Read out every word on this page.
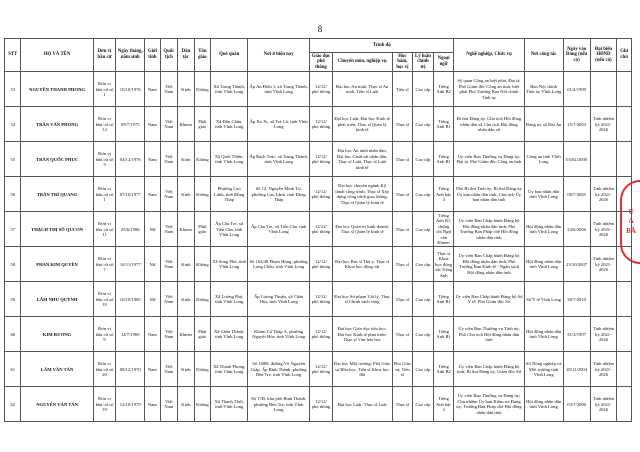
8
Ủ
A
BẦ
STT	HỌ VÀ TÊN	Đơn vị bầu cử	Ngày tháng, năm sinh	Giới tính	Quốc tịch	Dân tộc	Tôn giáo	Quê quán	Nơi ở hiện nay	Trình độ					Nghề nghiệp, Chức vụ	Nơi công tác	Ngày vào Đảng (nếu có)	Đại biểu HĐND (nếu có)	Ghi chú
										Giáo dục phổ thông	Chuyên môn, nghiệp vụ	Học hàm, học vị	Lý luận chính trị	Ngoại ngữ					
53	NGUYỄN THANH PHONG	Đơn vị bầu cử số 1	10/10/1976	Nam	Việt Nam	Kinh	Không	Xã Trung Thành, tỉnh Vĩnh Long	Ấp An Điền 1, xã Trung Thành, tỉnh Vĩnh Long	12/12/ phổ thông	Đại học An ninh, Thạc sĩ An ninh, Tiến sĩ Luật	Tiến sĩ	Cao cấp	Tiếng Anh B2	Sỹ quan Công an biệt phái, Đại tá, Phó Giám đốc Công an tỉnh, biệt phái Phó Trưởng Ban Nội chính Tỉnh ủy	Ban Nội chính Tỉnh ủy Vĩnh Long	01/4/1999		
54	TRẦN VĂN PHONG	Đơn vị bầu cử số 14	09/7/1975	Nam	Việt Nam	Khmer	Phật giáo	Xã Đôn Châu, tỉnh Vĩnh Long	Ấp Xa Xi, xã Trà Cú, tỉnh Vĩnh Long	12/12/ phổ thông	Đại học Luật, Đại học Kinh tế phát triển, Thạc sĩ Quản lý kinh tế	Thạc sĩ	Cao cấp	Tiếng Anh B1	Bí thư Đảng ủy, Chủ tịch Hội đồng nhân dân xã Chủ tịch Hội đồng nhân dân xã	Đảng ủy xã Đại An	15/7/2003	Tỉnh nhiệm kỳ 2021-2026	
55	TRẦN QUỐC PHỤC	Đơn vị bầu cử số 3	04/12/1976	Nam	Việt Nam	Kinh	Không	Xã Quới Thiện, tỉnh Vĩnh Long	Ấp Rạch Trúc, xã Trung Thành, tỉnh Vĩnh Long	12/12/ phổ thông	Đại học An ninh nhân dân, Đại học Cảnh sát nhân dân, Thạc sĩ Luật, Thạc sĩ Luật kinh tế	Thạc sĩ	Cao cấp	Tiếng Anh B1	Ủy viên Ban Thường vụ Đảng ủy; Đại tá, Phó Giám đốc Công an tỉnh	Công an tỉnh Vĩnh Long	03/02/2000		
56	TRẦN TRÍ QUANG	Đơn vị bầu cử số 1	07/10/1977	Nam	Việt Nam	Kinh	Không	Phường Cao Lãnh, tỉnh Đồng Tháp	Số 12, Nguyễn Minh Trí, phường Cao Lãnh, tỉnh Đồng Tháp	12/12/ phổ thông	Đại học chuyên ngành Kỹ thuật công trình, Thạc sĩ Xây dựng công trình giao thông, Thạc sĩ Quản lý kinh tế	Thạc sĩ	Cao cấp	Tiếng Anh bậc 4	Phó Bí thư Tỉnh ủy, Bí thư Đảng ủy Ủy ban nhân dân tỉnh; Chủ tịch Ủy ban nhân dân tỉnh	Ủy ban nhân dân tỉnh Vĩnh Long	08/7/2005	Tỉnh nhiệm kỳ 2021-2026	
57	THẠCH THỊ SÔ QUCON	Đơn vị bầu cử số 11	25/6/1986	Nữ	Việt Nam	Khmer	Phật giáo	Ấp Cầu Tre, xã Tiểu Cần, tỉnh Vĩnh Long	Ấp Cầu Tre, xã Tiểu Cần, tỉnh Vĩnh Long	12/12/ phổ thông	Đại học Quản trị kinh doanh, Thạc sĩ Quản lý kinh tế	Thạc sĩ	Cao cấp	Tiếng Anh B1, chứng chỉ Ngữ văn Khmer	Ủy viên Ban Chấp hành Đảng bộ Hội đồng nhân dân tỉnh; Phó Trưởng Ban Pháp chế Hội đồng nhân dân tỉnh	Hội đồng nhân dân tỉnh Vĩnh Long	23/6/2006	Tỉnh nhiệm kỳ 2021-2026	
58	PHAN KIM QUYÊN	Đơn vị bầu cử số 7	16/11/1977	Nữ	Việt Nam	Kinh	Không	Xã Song Phú, tỉnh Vĩnh Long	Số 164/48 Phạm Hùng, phường Long Châu, tỉnh Vĩnh Long	12/12/ phổ thông	Đại học Bác sĩ Thú y, Thạc sĩ Khoa học động vật	Thạc sĩ	Cao cấp	Thạc sĩ Khoa học động vật Tiếng Anh	Ủy viên Ban Chấp hành Đảng bộ Hội đồng nhân dân tỉnh; Phó Trưởng Ban Kinh tế - Ngân sách Hội đồng nhân dân tỉnh	Hội đồng nhân dân tỉnh Vĩnh Long	23/10/2007	Tỉnh nhiệm kỳ 2021-2026	
59	LÂM NHƯ QUỲNH	Đơn vị bầu cử số 18	10/10/1985	Nữ	Việt Nam	Kinh	Không	Xã Lương Phú, tỉnh Vĩnh Long	Ấp Lương Thuận, xã Châu Hòa, tỉnh Vĩnh Long	12/12/ phổ thông	Đại học Sư phạm Vật lý, Thạc sĩ Chính sách công	Thạc sĩ	Cao cấp	Tiếng Anh B1	Ủy viên Ban Chấp hành Đảng bộ Sở Y tế; Phó Giám đốc Sở	Sở Y tế Vĩnh Long	30/7/2010		
60	KIM RƯƠNG	Đơn vị bầu cử số 9	14/7/1969	Nam	Việt Nam	Khmer	Phật giáo	Xã Châu Thành, tỉnh Vĩnh Long	Khóm Cổ Tháp A, phường Nguyệt Hóa, tỉnh Vĩnh Long	12/12/ phổ thông	Đại học Giáo dục tiểu học, Đại học Kinh tế phát triển, Thạc sĩ Văn hóa học	Thạc sĩ	Cao cấp	Tiếng Anh B1	Ủy viên Ban Thường vụ Tỉnh ủy; Phó Chủ tịch Hội đồng nhân dân tỉnh	Hội đồng nhân dân tỉnh Vĩnh Long	31/3/1997	Tỉnh nhiệm kỳ 2021-2026	
61	LÂM VĂN TẤN	Đơn vị bầu cử số 20	08/12/1970	Nam	Việt Nam	Kinh	Không	Xã Thạnh Phong, tỉnh Vĩnh Long	Số 168Đ, đường Võ Nguyên Giáp, Ấp Bình Thành, phường Bến Tre, tỉnh Vĩnh Long	12/12/ phổ thông	Đại học Môi trường, Phó Giáo sư Hóa học, Tiến sĩ Khoa học đất	Phó Giáo sư, Tiến sĩ	Cao cấp	Tiếng Anh B2	Ủy viên Ban Chấp hành Đảng bộ tỉnh; Bí thư Đảng ủy, Giám đốc Sở	Sở Nông nghiệp và Môi trường tỉnh Vĩnh Long	29/11/2004	Tỉnh nhiệm kỳ 2021-2026	
62	NGUYỄN VĂN TẤN	Đơn vị bầu cử số 19	12/10/1979	Nam	Việt Nam	Kinh	Không	Xã Thạnh Thới, tỉnh Vĩnh Long	Số 17Đ, khu phố Bình Thành, phường Bến Tre, tỉnh Vĩnh Long	12/12/ phổ thông	Đại học Luật, Thạc sĩ Luật	Thạc sĩ	Cao cấp	Tiếng Anh bậc 3	Ủy viên Ban Thường vụ Đảng ủy; Chủ nhiệm Ủy ban Kiểm tra Đảng ủy; Trưởng Ban Pháp chế Hội đồng nhân dân tỉnh	Hội đồng nhân dân tỉnh Vĩnh Long	03/7/2006	Tỉnh nhiệm kỳ 2021-2026	
